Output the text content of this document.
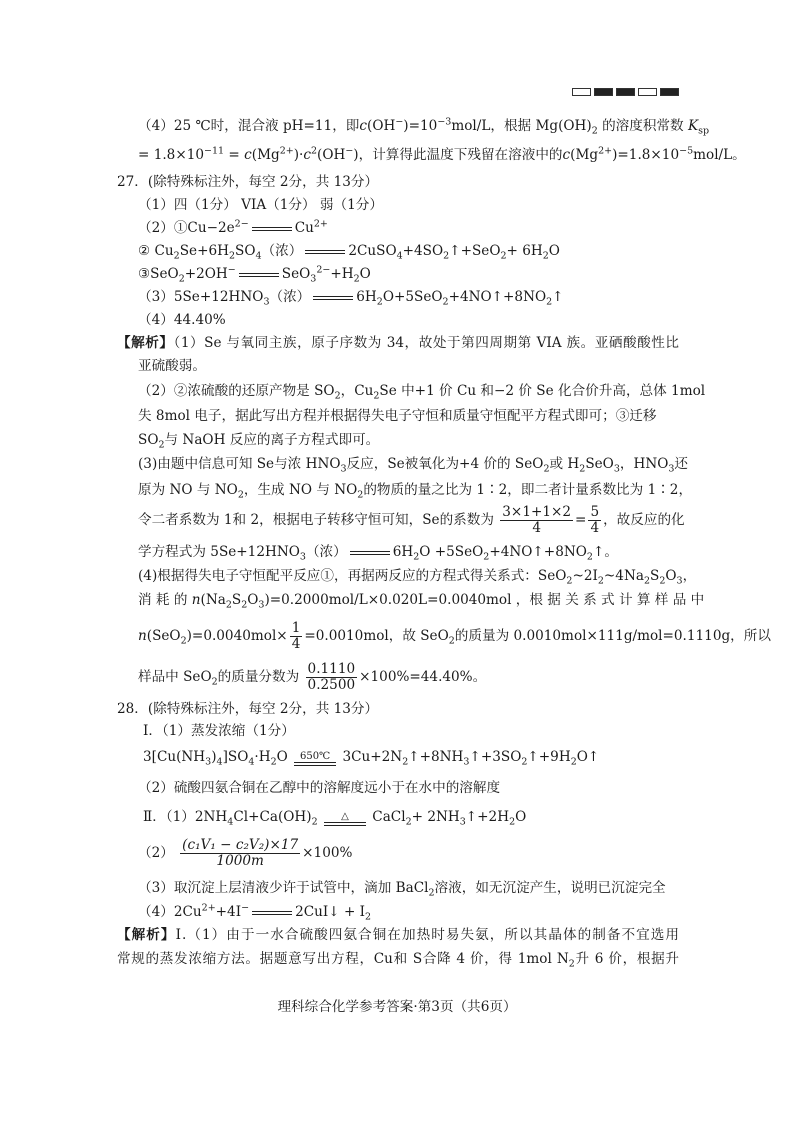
（4）25 ℃时，混合液 pH=11，即$c(OH^-)=10^{-3}mol/L$，根据 $Mg(OH)_2$ 的溶度积常数 $K_{sp}$
= $1.8\times 10^{-11} = c(Mg^{2+})\cdot c^2(OH^-)$，计算得此温度下残留在溶液中的$c(Mg^{2+})=1.8\times 10^{-5}mol/L$。
27．(除特殊标注外，每空 2分，共 13分）
（1）四（1分） VIA（1分） 弱（1分）
$(2)①Cu-2e^{2-}$	$Cu^{2+}$
② $Cu_2Se+6H_2SO_4$（浓）	$2CuSO_4+4SO_2↑+SeO_2+ 6H_2O$
③SeO$_2$+2OH−	$SeO_3^{2-}+H_2O$
$(3)5Se+12HNO_3$（浓）	$6H_2O+5SeO_2+4NO↑+8NO_2↑$
（4）44.40%
【解析】（1）Se 与氧同主族，原子序数为 34，故处于第四周期第 VIA 族。亚硒酸酸性比
亚硫酸弱。
（2）②浓硫酸的还原产物是 $SO_2$，$Cu_2Se$ 中+1 价 Cu 和−2 价 Se 化合价升高，总体 1mol
失 8mol 电子，据此写出方程并根据得失电子守恒和质量守恒配平方程式即可；③迁移
$SO_2$与 NaOH 反应的离子方程式即可。
(3)由题中信息可知 Se与浓 $HNO_3$反应，Se被氧化为+4 价的 SeO$_2$或 $H_2SeO_3$，$HNO_3$还
原为 NO 与 $NO_2$，生成 NO 与 $NO_2$的物质的量之比为 1∶2，即二者计量系数比为 1∶2，
令二者系数为 1和 2，根据电子转移守恒可知，Se的系数为 $\frac{3\times 1+1\times 2}{4} = \frac{5}{4}$ ，故反应的化
学方程式为 $5Se+12HNO_3$（浓）	$6H_2O$ $+5SeO_2+4NO↑+8NO_2↑$。
(4)根据得失电子守恒配平反应①，再据两反应的方程式得关系式：$SeO_2\sim 2I_2\sim 4Na_2S_2O_3$，
消 耗 的 $n(Na_2S_2O_3)=0.2000mol/L\times 0.020L=0.0040mol$ ，根 据 关 系 式 计 算 样 品 中
$n(SeO_2)=0.0040mol\times \frac{1}{4} =0.0010mol$，故 SeO$_2$的质量为 0.0010mol×111g/mol=0.1110g，所以
样品中 SeO$_2$的质量分数为 $\frac{0.1110}{0.2500} \times 100\%=44.40\%$。
28．(除特殊标注外，每空 2分，共 13分）
Ⅰ．（1）蒸发浓缩（1分）
$3[Cu(NH_3)_4]SO_4\cdot H_2O$	650℃ $3Cu+2N_2↑+8NH_3↑+3SO_2↑+9H_2O↑$
（2）硫酸四氨合铜在乙醇中的溶解度远小于在水中的溶解度
Ⅱ．$(1)2NH_4Cl+Ca(OH)_2$
△	CaCl$_2$+ $2NH_3↑+2H_2O$
$(2) \frac{\text{(c₁V₁ − c₂V₂)×17}}{1000m} \times 100\%$
（3）取沉淀上层清液少许于试管中，滴加 BaCl$_2$溶液，如无沉淀产生，说明已沉淀完全
$(4)2Cu^{2+}+4I^-$	2CuI↓ + $I_2$
【解析】Ⅰ.（1）由于一水合硫酸四氨合铜在加热时易失氨，所以其晶体的制备不宜选用
常规的蒸发浓缩方法。据题意写出方程，Cu和 S合降 4 价，得 1mol $N_2$升 6 价，根据升
理科综合化学参考答案·第3页（共6页）
